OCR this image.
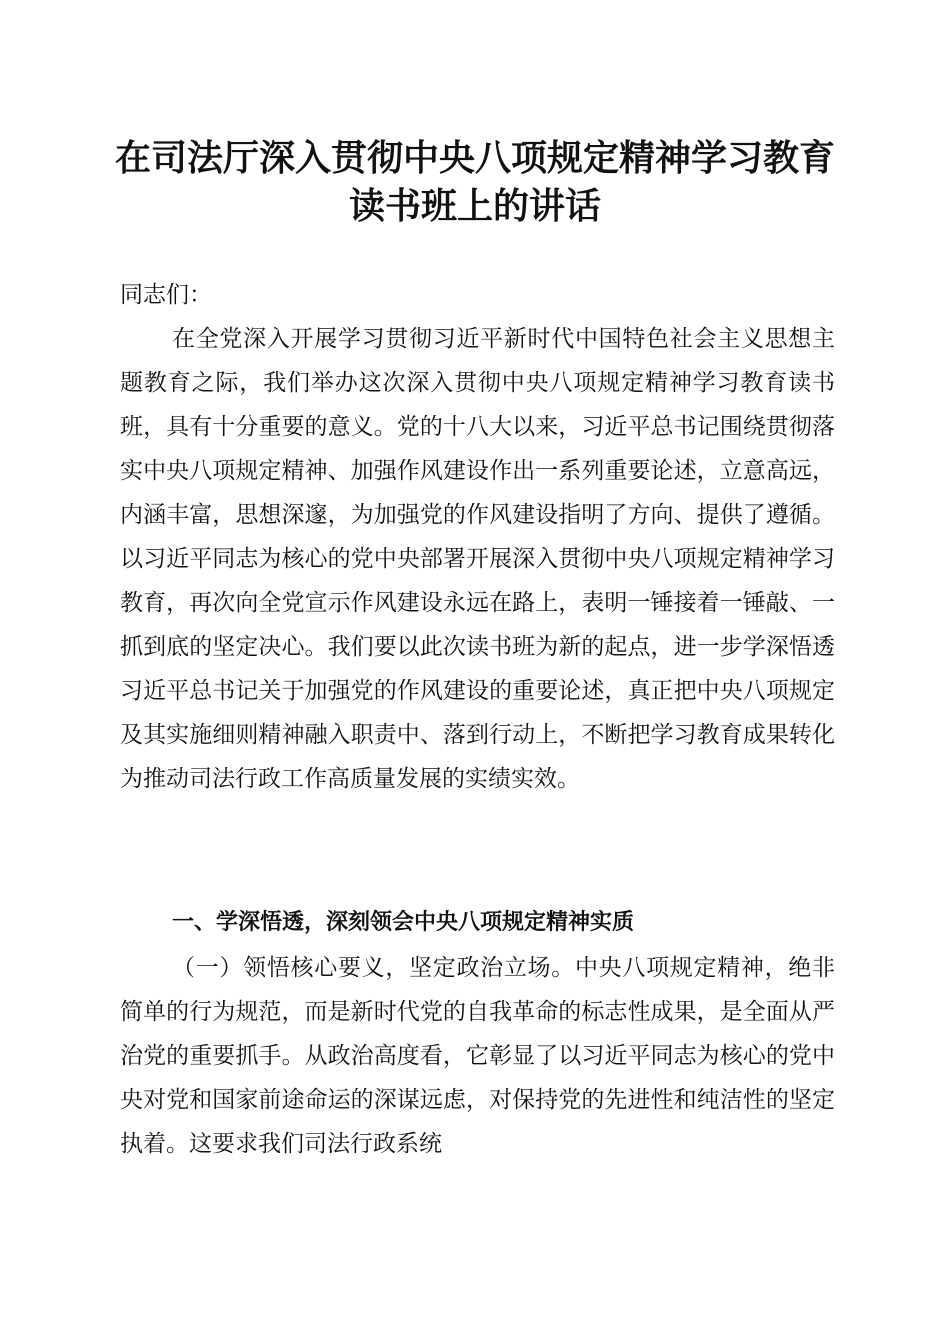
在司法厅深入贯彻中央八项规定精神学习教育
读书班上的讲话

同志们：

在全党深入开展学习贯彻习近平新时代中国特色社会主义思想主题教育之际，我们举办这次深入贯彻中央八项规定精神学习教育读书班，具有十分重要的意义。党的十八大以来，习近平总书记围绕贯彻落实中央八项规定精神、加强作风建设作出一系列重要论述，立意高远，内涵丰富，思想深邃，为加强党的作风建设指明了方向、提供了遵循。以习近平同志为核心的党中央部署开展深入贯彻中央八项规定精神学习教育，再次向全党宣示作风建设永远在路上，表明一锤接着一锤敲、一抓到底的坚定决心。我们要以此次读书班为新的起点，进一步学深悟透习近平总书记关于加强党的作风建设的重要论述，真正把中央八项规定及其实施细则精神融入职责中、落到行动上，不断把学习教育成果转化为推动司法行政工作高质量发展的实绩实效。

一、学深悟透，深刻领会中央八项规定精神实质

（一）领悟核心要义，坚定政治立场。中央八项规定精神，绝非简单的行为规范，而是新时代党的自我革命的标志性成果，是全面从严治党的重要抓手。从政治高度看，它彰显了以习近平同志为核心的党中央对党和国家前途命运的深谋远虑，对保持党的先进性和纯洁性的坚定执着。这要求我们司法行政系统
